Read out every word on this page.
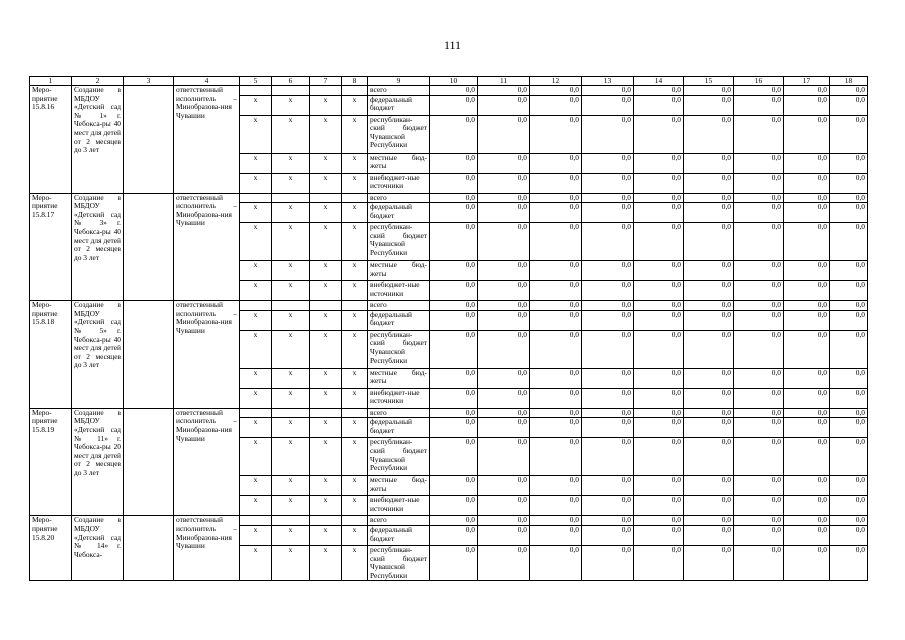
111
1	2	3	4	5	6	7	8	9	10	11	12	13	14	15	16	17	18
Меро-приятие 15.8.16	Создание в МБДОУ «Детский сад № 1» г. Чебокса-ры 40 мест для детей от 2 месяцев до 3 лет		ответственный исполнитель – Минобразова-ния Чувашии					всего	0,0	0,0	0,0	0,0	0,0	0,0	0,0	0,0	0,0
				x	x	x	x	федеральный бюджет	0,0	0,0	0,0	0,0	0,0	0,0	0,0	0,0	0,0
				x	x	x	x	республикан-ский бюджет Чувашской Республики	0,0	0,0	0,0	0,0	0,0	0,0	0,0	0,0	0,0
				x	x	x	x	местные бюд-жеты	0,0	0,0	0,0	0,0	0,0	0,0	0,0	0,0	0,0
				x	x	x	x	внебюджет-ные источники	0,0	0,0	0,0	0,0	0,0	0,0	0,0	0,0	0,0
Меро-приятие 15.8.17	Создание в МБДОУ «Детский сад № 3» г. Чебокса-ры 40 мест для детей от 2 месяцев до 3 лет		ответственный исполнитель – Минобразова-ния Чувашии					всего	0,0	0,0	0,0	0,0	0,0	0,0	0,0	0,0	0,0
				x	x	x	x	федеральный бюджет	0,0	0,0	0,0	0,0	0,0	0,0	0,0	0,0	0,0
				x	x	x	x	республикан-ский бюджет Чувашской Республики	0,0	0,0	0,0	0,0	0,0	0,0	0,0	0,0	0,0
				x	x	x	x	местные бюд-жеты	0,0	0,0	0,0	0,0	0,0	0,0	0,0	0,0	0,0
				x	x	x	x	внебюджет-ные источники	0,0	0,0	0,0	0,0	0,0	0,0	0,0	0,0	0,0
Меро-приятие 15.8.18	Создание в МБДОУ «Детский сад № 5» г. Чебокса-ры 40 мест для детей от 2 месяцев до 3 лет		ответственный исполнитель – Минобразова-ния Чувашии					всего	0,0	0,0	0,0	0,0	0,0	0,0	0,0	0,0	0,0
				x	x	x	x	федеральный бюджет	0,0	0,0	0,0	0,0	0,0	0,0	0,0	0,0	0,0
				x	x	x	x	республикан-ский бюджет Чувашской Республики	0,0	0,0	0,0	0,0	0,0	0,0	0,0	0,0	0,0
				x	x	x	x	местные бюд-жеты	0,0	0,0	0,0	0,0	0,0	0,0	0,0	0,0	0,0
				x	x	x	x	внебюджет-ные источники	0,0	0,0	0,0	0,0	0,0	0,0	0,0	0,0	0,0
Меро-приятие 15.8.19	Создание в МБДОУ «Детский сад № 11» г. Чебокса-ры 20 мест для детей от 2 месяцев до 3 лет		ответственный исполнитель – Минобразова-ния Чувашии					всего	0,0	0,0	0,0	0,0	0,0	0,0	0,0	0,0	0,0
				x	x	x	x	федеральный бюджет	0,0	0,0	0,0	0,0	0,0	0,0	0,0	0,0	0,0
				x	x	x	x	республикан-ский бюджет Чувашской Республики	0,0	0,0	0,0	0,0	0,0	0,0	0,0	0,0	0,0
				x	x	x	x	местные бюд-жеты	0,0	0,0	0,0	0,0	0,0	0,0	0,0	0,0	0,0
				x	x	x	x	внебюджет-ные источники	0,0	0,0	0,0	0,0	0,0	0,0	0,0	0,0	0,0
Меро-приятие 15.8.20	Создание в МБДОУ «Детский сад № 14» г. Чебокса-		ответственный исполнитель – Минобразова-ния Чувашии					всего	0,0	0,0	0,0	0,0	0,0	0,0	0,0	0,0	0,0
				x	x	x	x	федеральный бюджет	0,0	0,0	0,0	0,0	0,0	0,0	0,0	0,0	0,0
				x	x	x	x	республикан-ский бюджет Чувашской Республики	0,0	0,0	0,0	0,0	0,0	0,0	0,0	0,0	0,0
